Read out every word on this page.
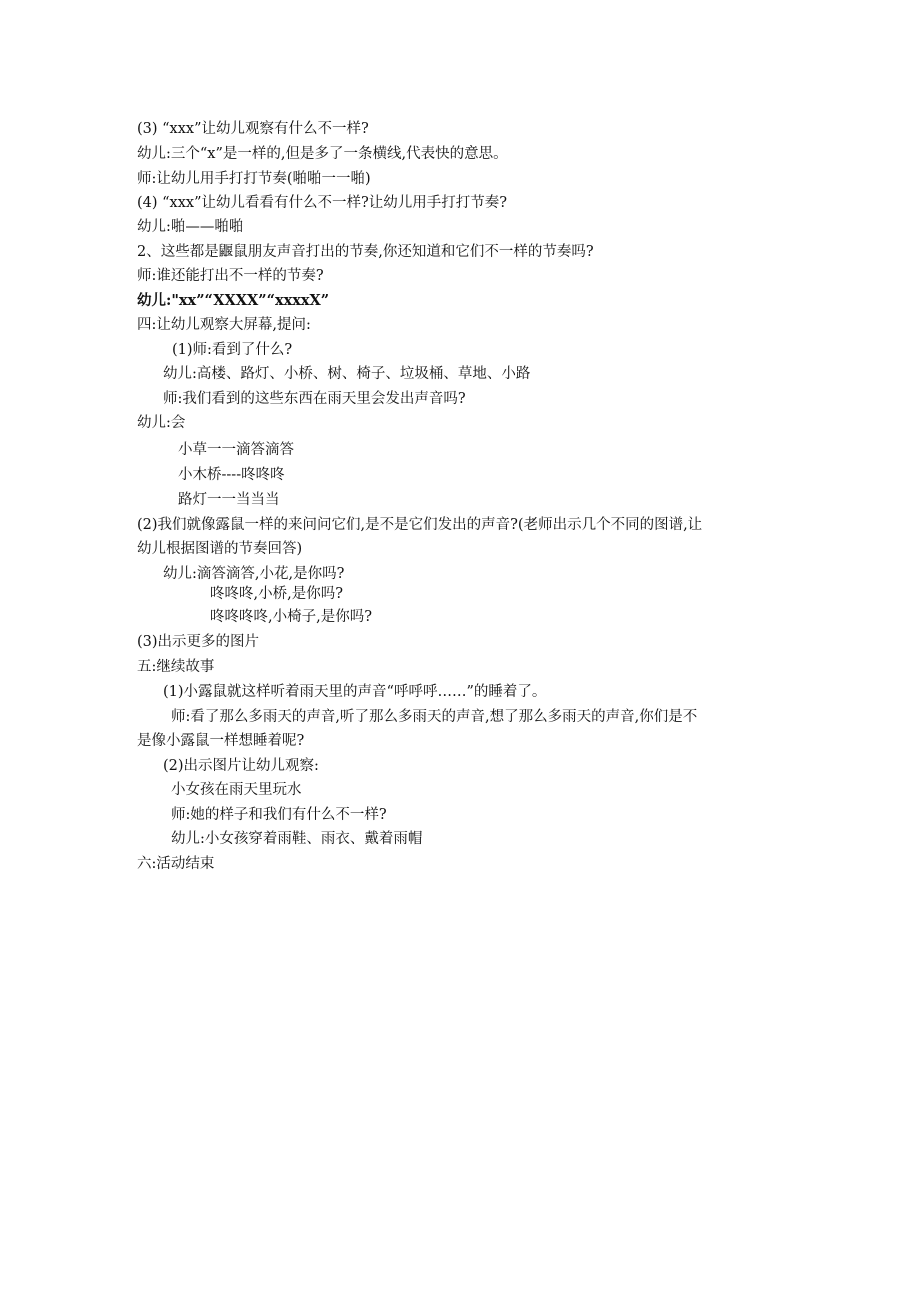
(3) “xxx”让幼儿观察有什么不一样?
幼儿:三个“x”是一样的,但是多了一条横线,代表快的意思。
师:让幼儿用手打打节奏(啪啪一一啪)
(4) “xxx”让幼儿看看有什么不一样?让幼儿用手打打节奏?
幼儿:啪——啪啪
2、这些都是鼴鼠朋友声音打出的节奏,你还知道和它们不一样的节奏吗?
师:谁还能打出不一样的节奏?
幼儿:"xx”“XXXX”“xxxxX”
四:让幼儿观察大屏幕,提问:
(1)师:看到了什么?
幼儿:高楼、路灯、小桥、树、椅子、垃圾桶、草地、小路
师:我们看到的这些东西在雨天里会发出声音吗?
幼儿:会
小草一一滴答滴答
小木桥----咚咚咚
路灯一一当当当
(2)我们就像露鼠一样的来问问它们,是不是它们发出的声音?(老师出示几个不同的图谱,让
幼儿根据图谱的节奏回答)
幼儿:滴答滴答,小花,是你吗?
咚咚咚,小桥,是你吗?
咚咚咚咚,小椅子,是你吗?
(3)出示更多的图片
五:继续故事
(1)小露鼠就这样听着雨天里的声音“呼呼呼……”的睡着了。
师:看了那么多雨天的声音,听了那么多雨天的声音,想了那么多雨天的声音,你们是不
是像小露鼠一样想睡着呢?
(2)出示图片让幼儿观察:
小女孩在雨天里玩水
师:她的样子和我们有什么不一样?
幼儿:小女孩穿着雨鞋、雨衣、戴着雨帽
六:活动结束
